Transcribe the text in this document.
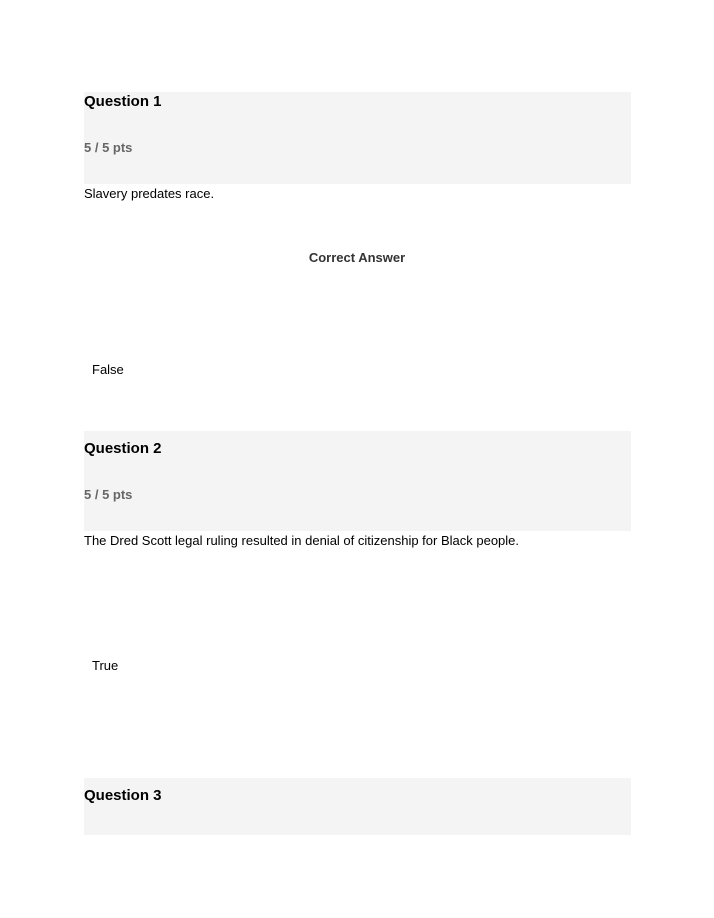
Question 1
5 / 5 pts
Slavery predates race.
Correct Answer
False
Question 2
5 / 5 pts
The Dred Scott legal ruling resulted in denial of citizenship for Black people.
True
Question 3
